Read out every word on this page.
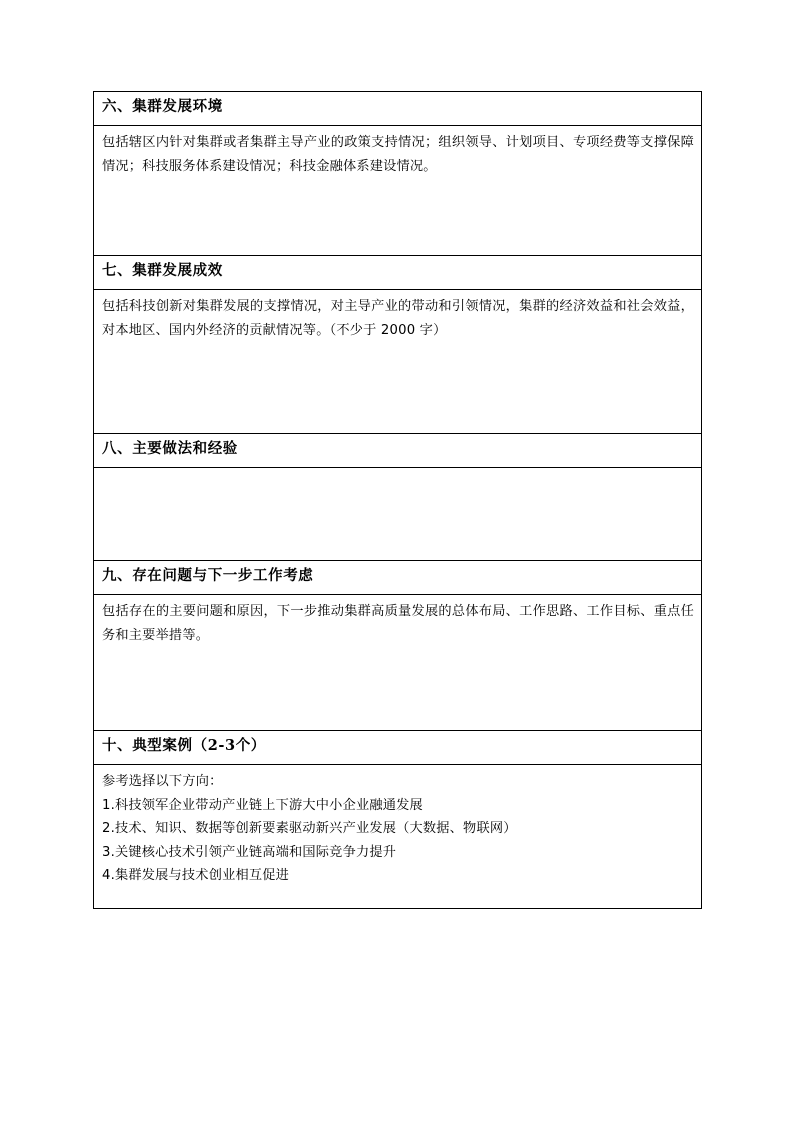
六、集群发展环境

包括辖区内针对集群或者集群主导产业的政策支持情况；组织领导、计划项目、专项经费等支撑保障情况；科技服务体系建设情况；科技金融体系建设情况。

七、集群发展成效

包括科技创新对集群发展的支撑情况，对主导产业的带动和引领情况，集群的经济效益和社会效益，对本地区、国内外经济的贡献情况等。（不少于 2000 字）

八、主要做法和经验

九、存在问题与下一步工作考虑

包括存在的主要问题和原因，下一步推动集群高质量发展的总体布局、工作思路、工作目标、重点任务和主要举措等。

十、典型案例（2-3个）

参考选择以下方向：

1.科技领军企业带动产业链上下游大中小企业融通发展
2.技术、知识、数据等创新要素驱动新兴产业发展（大数据、物联网）
3.关键核心技术引领产业链高端和国际竞争力提升
4.集群发展与技术创业相互促进
